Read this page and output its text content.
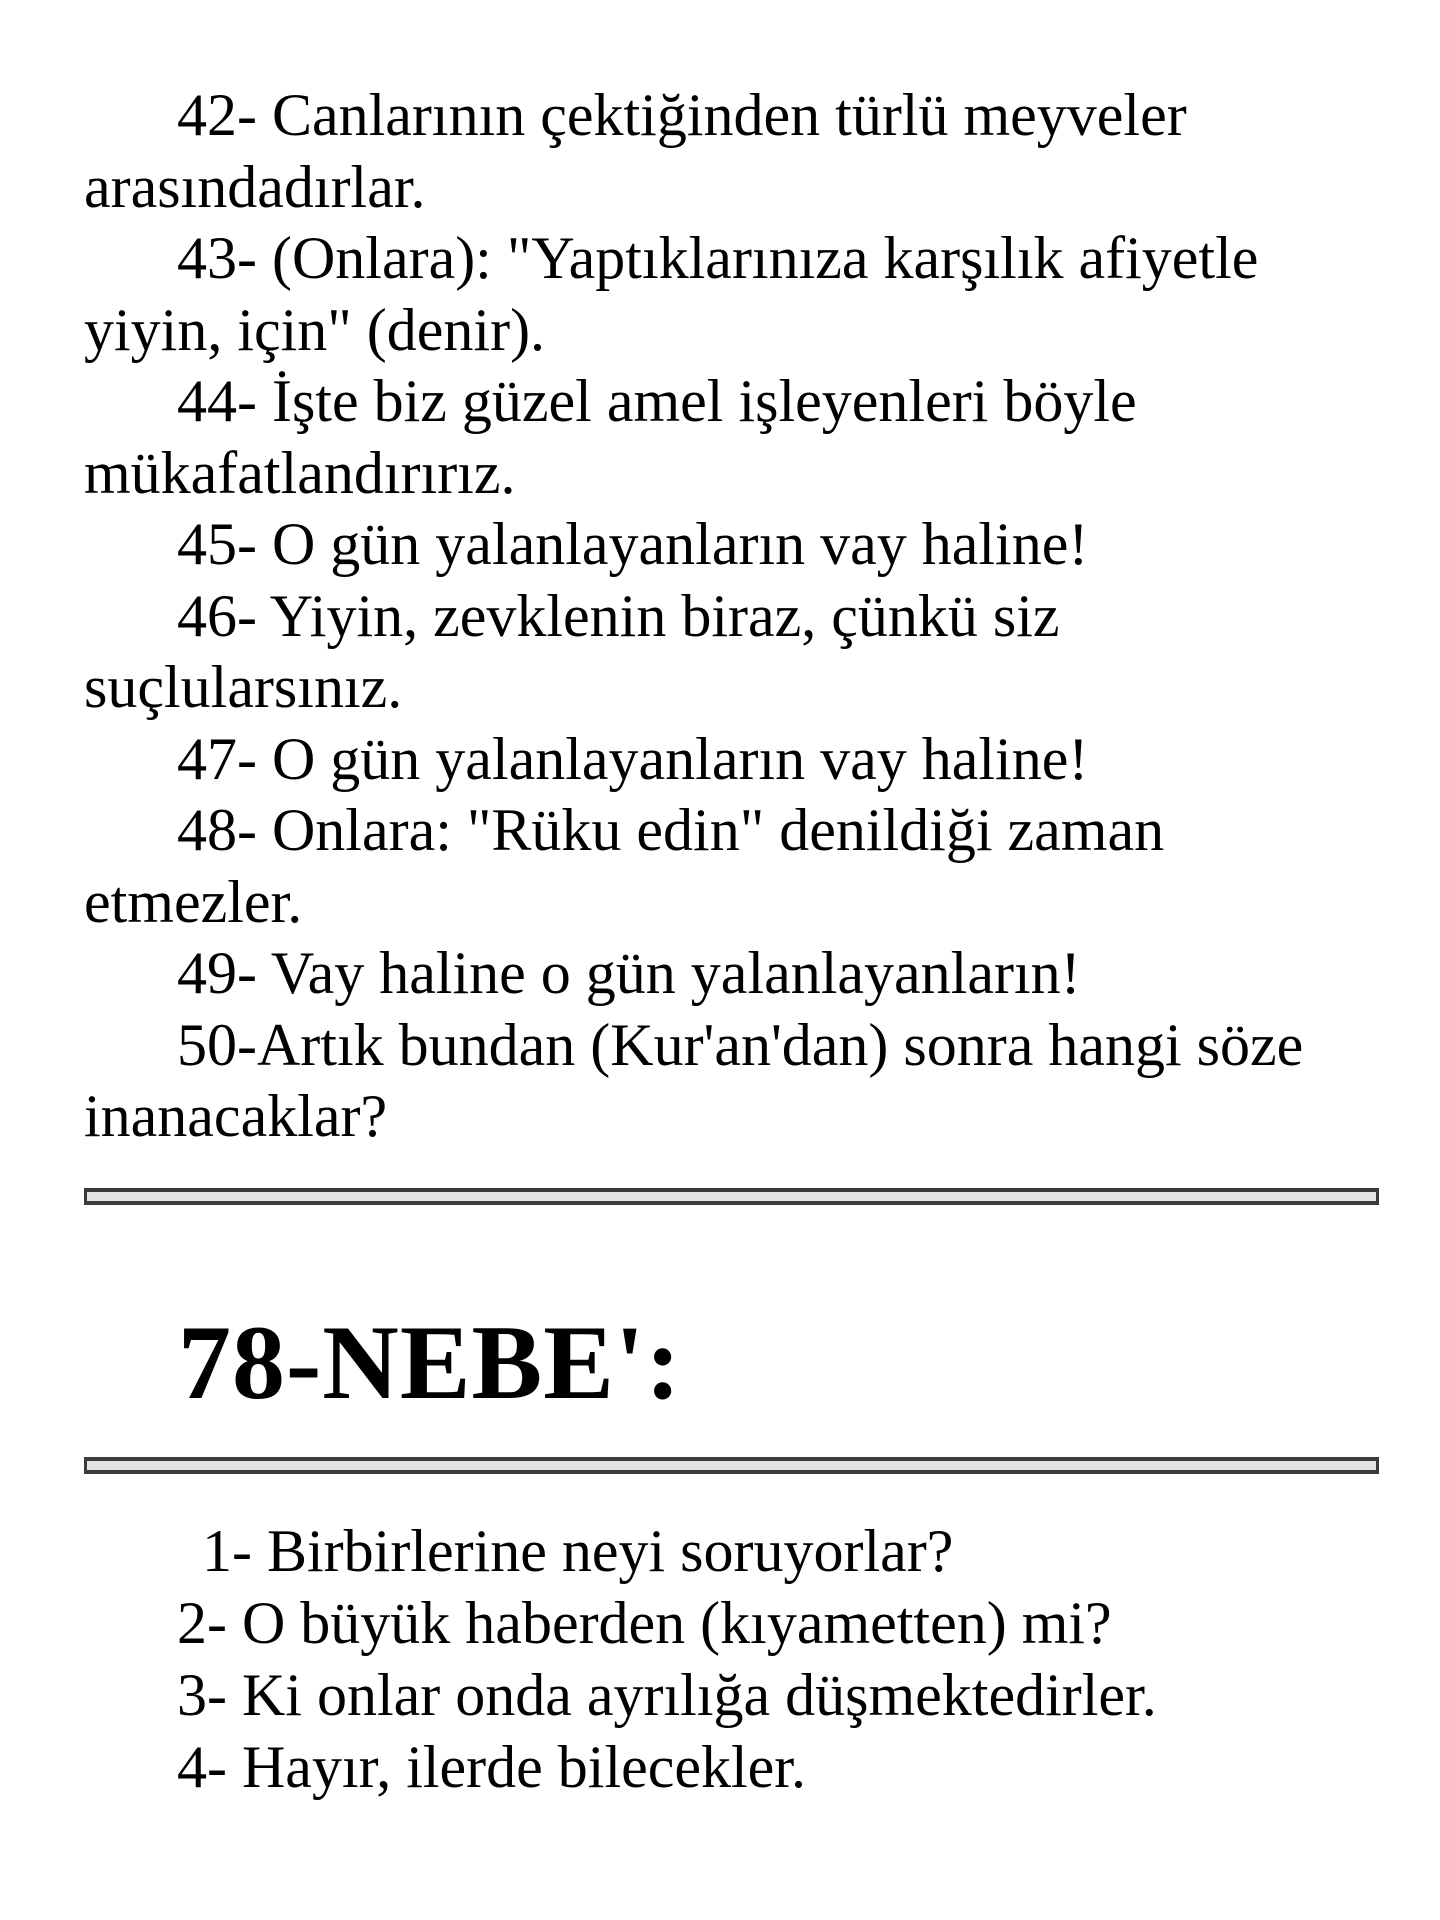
42- Canlarının çektiğinden türlü meyveler arasındadırlar.

43- (Onlara): "Yaptıklarınıza karşılık afiyetle yiyin, için" (denir).

44- İşte biz güzel amel işleyenleri böyle mükafatlandırırız.

45- O gün yalanlayanların vay haline!

46- Yiyin, zevklenin biraz, çünkü siz suçlularsınız.

47- O gün yalanlayanların vay haline!

48- Onlara: "Rüku edin" denildiği zaman etmezler.

49- Vay haline o gün yalanlayanların!

50-Artık bundan (Kur'an'dan) sonra hangi söze inanacaklar?

78-NEBE':

1- Birbirlerine neyi soruyorlar?

2- O büyük haberden (kıyametten) mi?

3- Ki onlar onda ayrılığa düşmektedirler.

4- Hayır, ilerde bilecekler.
